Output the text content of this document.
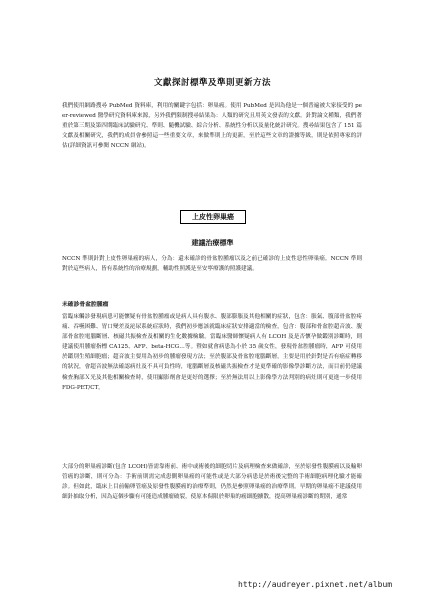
文獻探討標準及準則更新方法

我們使用網路搜尋 PubMed 資料庫，利用的關鍵字包括：卵巢癌。使用 PubMed 是因為他是一個普遍被大家接受的 peer-reviewed 醫學研究資料庫來源，另外我們限制搜尋結果為：人類的研究且用英文發表的文獻。針對論文種類，我們著重於第三期及第四期臨床試驗研究、準則、隨機試驗、綜合分析、系統性分析以及量化統計研究。搜尋結果包含了 151 篇文獻及相關研究，我們的成員會參照這一些重要文章，來做準則上的更新，至於這些文章的證據等級，則是依照專家的評估(詳細資訊可參閱 NCCN 網站)。

上皮性卵巢癌
建議治療標準

NCCN 準則針對上皮性卵巢癌的病人，分為：還未確診的骨盆腔腫瘤以及之前已確診的上皮性惡性卵巢癌。NCCN 準則對於這些病人，皆有系統性的治療規劃，輔助性照護是至安寧療護的照護建議。

未確診骨盆腔腫瘤

當臨床觸診發現病患可能懷疑有骨盆腔腫瘤或是病人具有腹水、腹部膨脹及其他相關的症狀，包含：脹氣、腹部骨盆腔疼痛、吞嚥困難、胃口變差及泌尿系統症狀時，我們初步應該就臨床症狀安排適當的檢查，包含：腹部和骨盆腔超音波、腹部骨盆腔電腦斷層、核磁共振檢查及相關的生化數據檢驗。當臨床醫師懷疑病人有 LCOH 及是否懷孕做鑑別診斷時，則建議使用腫瘤指標 CA125、AFP、beta-HCG…等。暨如就會病患為小於 35 歲女性，發現骨盆腔腫瘤時，AFP 可使用於鑑別生殖細胞瘤；超音波主要用為初步的腫瘤發現方法；至於腹部及骨盆腔電腦斷層，主要是用於針對是否有癌症轉移的狀況，會超音波無法確認病灶及不具可負性時，電腦斷層及核磁共振檢查才是更準確的影像學診斷方法，而目前仍建議檢查胸部Ｘ光及其他相關檢查時，使用顯影劑會是更好的選擇；至於無法用以上影像學方法判別的病灶則可更進一步使用 FDG-PET/CT。

大部分的卵巢癌診斷(包含 LCOH)皆需靠術前、術中或術後的細胞切片及病理檢查來做確診，至於原發性腹膜癌以及輸卵管癌的診斷，則可分為：手術前則需完成患側卵巢癌的可能性或是大部分病患是於術後完整的手術細胞病理化驗才能確診。但如此，臨床上目前輸卵管癌及原發性腹膜癌的治療準則，仍然是參照卵巢癌的治療準則。早期的卵巢癌不建議使用細針抽取分析，因為這個步驟有可能造成腫瘤破裂，使原本侷限於卵巢的癌細胞擴散，提高卵巢癌診斷的期別，通常

http://audreyer.pixnet.net/album
